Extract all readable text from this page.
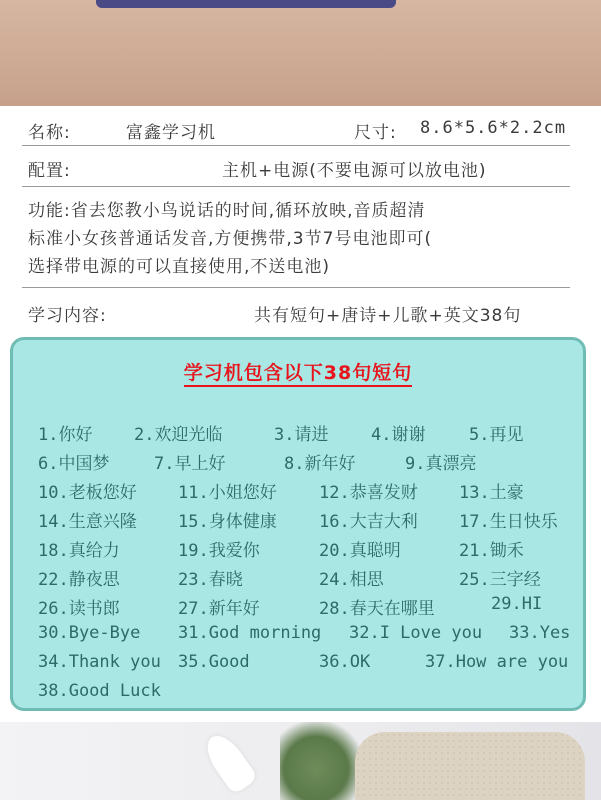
名称:	富鑫学习机	尺寸: 8.6*5.6*2.2cm
配置:	主机+电源(不要电源可以放电池)
功能:省去您教小鸟说话的时间,循环放映,音质超清
标准小女孩普通话发音,方便携带,3节7号电池即可(
选择带电源的可以直接使用,不送电池)
学习内容:	共有短句+唐诗+儿歌+英文38句
学习机包含以下38句短句
1.你好 2.欢迎光临	3.请进	4.谢谢	5.再见
6.中国梦	7.早上好	8.新年好	9.真漂亮
10.老板您好 11.小姐您好 12.恭喜发财 13.土豪
14.生意兴隆 15.身体健康 16.大吉大利 17.生日快乐
18.真给力	19.我爱你	20.真聪明	21.锄禾
22.静夜思	23.春晓	24.相思	25.三字经
26.读书郎	27.新年好	28.春天在哪里	29.HI
30.Bye-Bye 31.God morning 32.I Love you 33.Yes
34.Thank you 35.Good	36.OK	37.How are you
38.Good Luck
